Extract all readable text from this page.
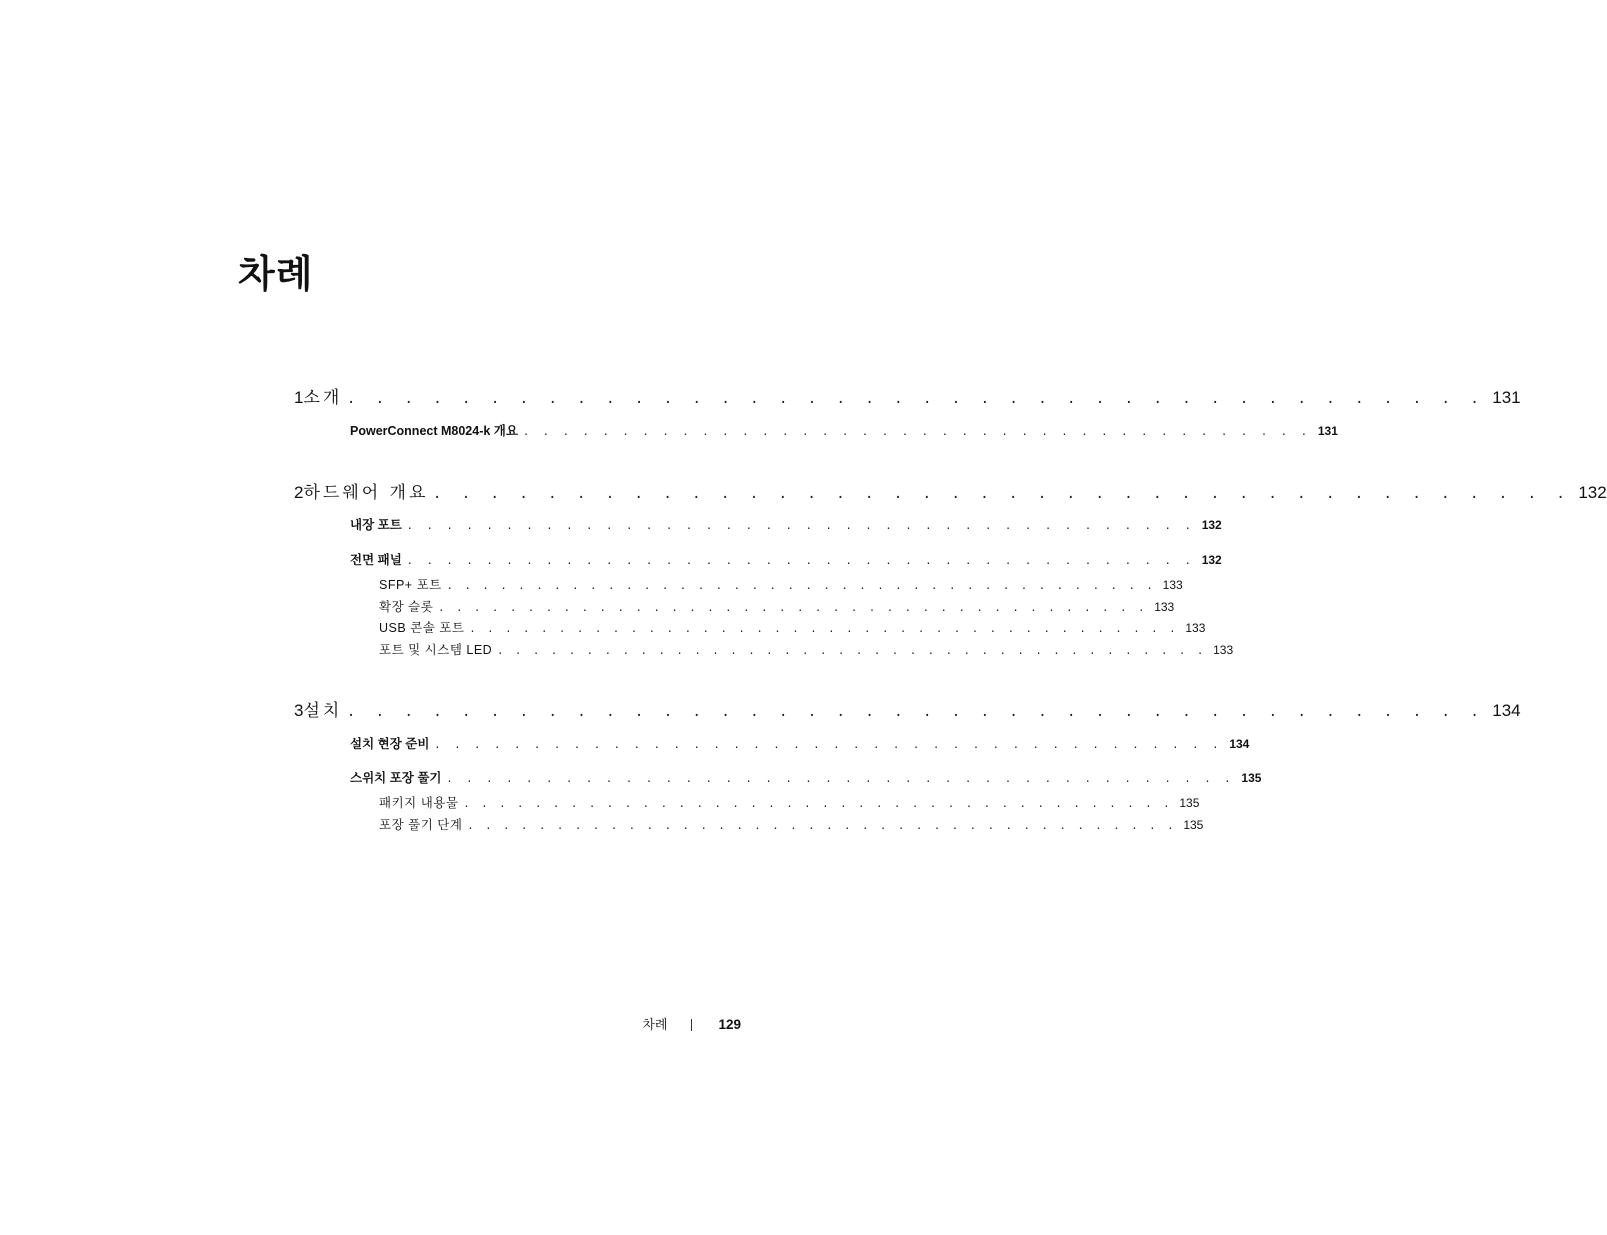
차례
1 소개 . . . . . . . . . . . . . . . . . . . . . . . . . . . . . . . . . . . . . . . . 131
PowerConnect M8024-k 개요 . . . . . . . . . . . . . . . . . . . . . . . . . . . . . . . . . . . . . . . . 131
2 하드웨어 개요 . . . . . . . . . . . . . . . . . . . . . . . . . . . . . . . . . . . . . . . . 132
내장 포트 . . . . . . . . . . . . . . . . . . . . . . . . . . . . . . . . . . . . . . . . 132
전면 패널 . . . . . . . . . . . . . . . . . . . . . . . . . . . . . . . . . . . . . . . . 132
SFP+ 포트 . . . . . . . . . . . . . . . . . . . . . . . . . . . . . . . . . . . . . . . . 133
확장 슬롯 . . . . . . . . . . . . . . . . . . . . . . . . . . . . . . . . . . . . . . . . 133
USB 콘솔 포트 . . . . . . . . . . . . . . . . . . . . . . . . . . . . . . . . . . . . . . . . 133
포트 및 시스템 LED . . . . . . . . . . . . . . . . . . . . . . . . . . . . . . . . . . . . . . . . 133
3 설치 . . . . . . . . . . . . . . . . . . . . . . . . . . . . . . . . . . . . . . . . 134
설치 현장 준비 . . . . . . . . . . . . . . . . . . . . . . . . . . . . . . . . . . . . . . . . 134
스위치 포장 풀기 . . . . . . . . . . . . . . . . . . . . . . . . . . . . . . . . . . . . . . . . 135
패키지 내용물 . . . . . . . . . . . . . . . . . . . . . . . . . . . . . . . . . . . . . . . . 135
포장 풀기 단계 . . . . . . . . . . . . . . . . . . . . . . . . . . . . . . . . . . . . . . . . 135
차례	129
